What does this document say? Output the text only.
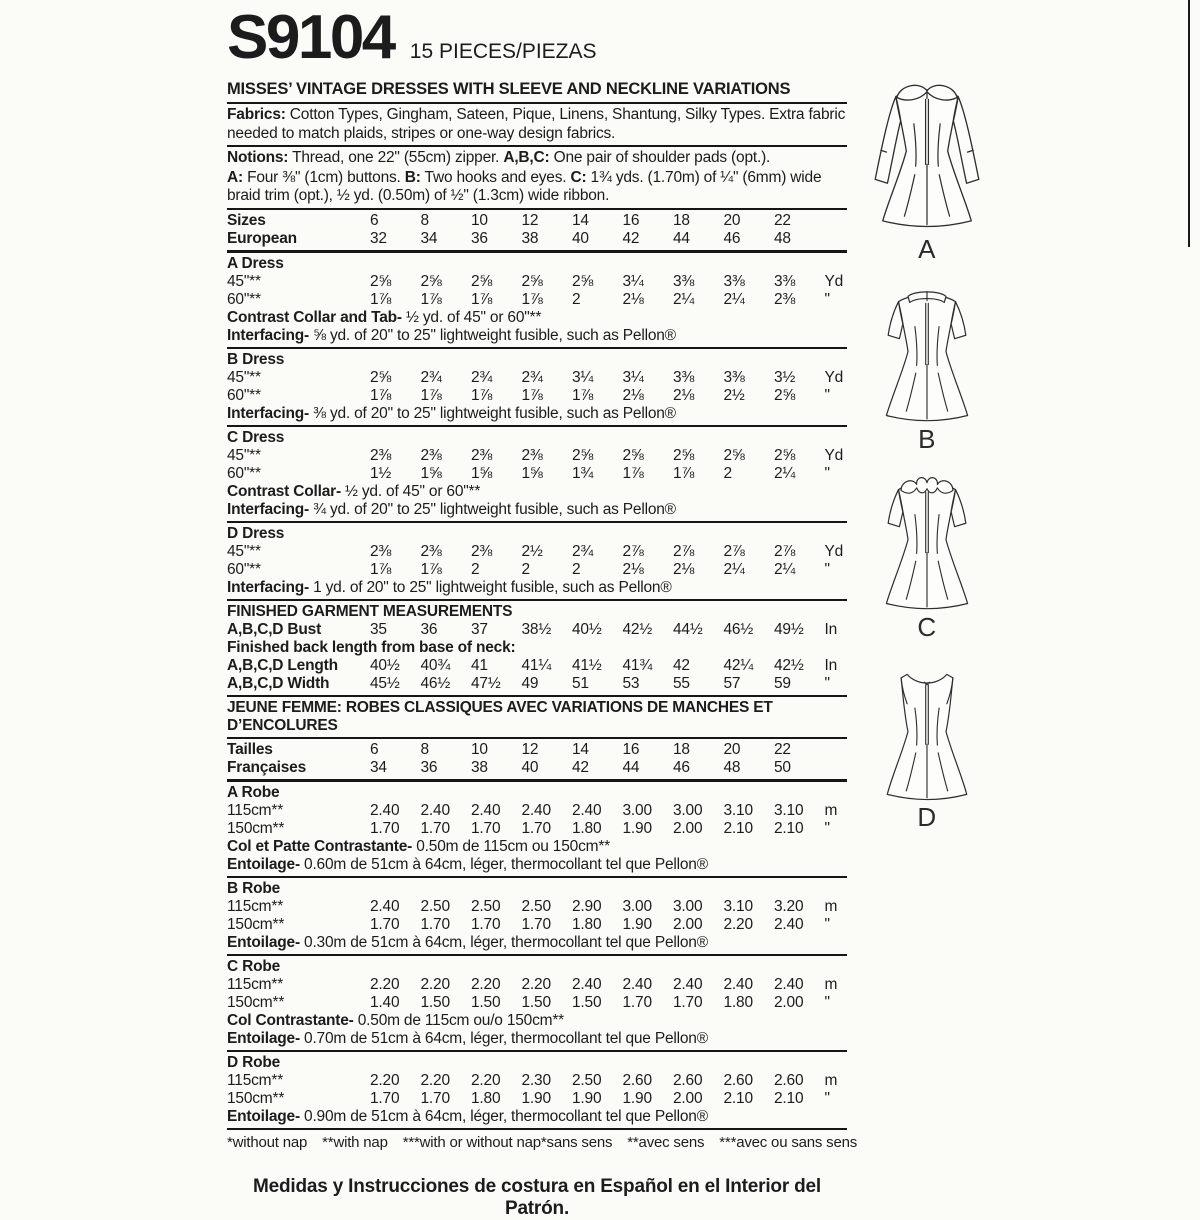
S9104 15 PIECES/PIEZAS
MISSES’ VINTAGE DRESSES WITH SLEEVE AND NECKLINE VARIATIONS

Fabrics: Cotton Types, Gingham, Sateen, Pique, Linens, Shantung, Silky Types. Extra fabric needed to match plaids, stripes or one-way design fabrics.

Notions: Thread, one 22" (55cm) zipper. A,B,C: One pair of shoulder pads (opt.).

A: Four ⅜" (1cm) buttons. B: Two hooks and eyes. C: 1¾ yds. (1.70m) of ¼" (6mm) wide braid trim (opt.), ½ yd. (0.50m) of ½" (1.3cm) wide ribbon.

Sizes	6	8	10	12	14	16	18	20	22
European	32	34	36	38	40	42	44	46	48
A Dress
45"**	2⅝	2⅝	2⅝	2⅝	2⅝	3¼	3⅜	3⅜	3⅜	Yd
60"**	1⅞	1⅞	1⅞	1⅞	2	2⅛	2¼	2¼	2⅜	"

Contrast Collar and Tab- ½ yd. of 45" or 60"**

Interfacing- ⅝ yd. of 20" to 25" lightweight fusible, such as Pellon®

B Dress
45"**	2⅝	2¾	2¾	2¾	3¼	3¼	3⅜	3⅜	3½	Yd
60"**	1⅞	1⅞	1⅞	1⅞	1⅞	2⅛	2⅛	2½	2⅝	"

Interfacing- ⅜ yd. of 20" to 25" lightweight fusible, such as Pellon®

C Dress
45"**	2⅜	2⅜	2⅜	2⅜	2⅝	2⅝	2⅝	2⅝	2⅝	Yd
60"**	1½	1⅝	1⅝	1⅝	1¾	1⅞	1⅞	2	2¼	"

Contrast Collar- ½ yd. of 45" or 60"**

Interfacing- ¾ yd. of 20" to 25" lightweight fusible, such as Pellon®

D Dress
45"**	2⅜	2⅜	2⅜	2½	2¾	2⅞	2⅞	2⅞	2⅞	Yd
60"**	1⅞	1⅞	2	2	2	2⅛	2⅛	2¼	2¼	"

Interfacing- 1 yd. of 20" to 25" lightweight fusible, such as Pellon®

FINISHED GARMENT MEASUREMENTS
A,B,C,D Bust	35	36	37	38½	40½	42½	44½	46½	49½	In
Finished back length from base of neck:
A,B,C,D Length	40½	40¾	41	41¼	41½	41¾	42	42¼	42½	In
A,B,C,D Width	45½	46½	47½	49	51	53	55	57	59	"
JEUNE FEMME: ROBES CLASSIQUES AVEC VARIATIONS DE MANCHES ET D’ENCOLURES
Tailles	6	8	10	12	14	16	18	20	22
Françaises	34	36	38	40	42	44	46	48	50
A Robe
115cm**	2.40	2.40	2.40	2.40	2.40	3.00	3.00	3.10	3.10	m
150cm**	1.70	1.70	1.70	1.70	1.80	1.90	2.00	2.10	2.10	"

Col et Patte Contrastante- 0.50m de 115cm ou 150cm**

Entoilage- 0.60m de 51cm à 64cm, léger, thermocollant tel que Pellon®

B Robe
115cm**	2.40	2.50	2.50	2.50	2.90	3.00	3.00	3.10	3.20	m
150cm**	1.70	1.70	1.70	1.70	1.80	1.90	2.00	2.20	2.40	"

Entoilage- 0.30m de 51cm à 64cm, léger, thermocollant tel que Pellon®

C Robe
115cm**	2.20	2.20	2.20	2.20	2.40	2.40	2.40	2.40	2.40	m
150cm**	1.40	1.50	1.50	1.50	1.50	1.70	1.70	1.80	2.00	"

Col Contrastante- 0.50m de 115cm ou/o 150cm**

Entoilage- 0.70m de 51cm à 64cm, léger, thermocollant tel que Pellon®

D Robe
115cm**	2.20	2.20	2.20	2.30	2.50	2.60	2.60	2.60	2.60	m
150cm**	1.70	1.70	1.80	1.90	1.90	1.90	2.00	2.10	2.10	"

Entoilage- 0.90m de 51cm à 64cm, léger, thermocollant tel que Pellon®

*without nap **with nap ***with or without nap *sans sens **avec sens ***avec ou sans sens
Medidas y Instrucciones de costura en Español en el Interior del Patrón.
A
B
C
D
